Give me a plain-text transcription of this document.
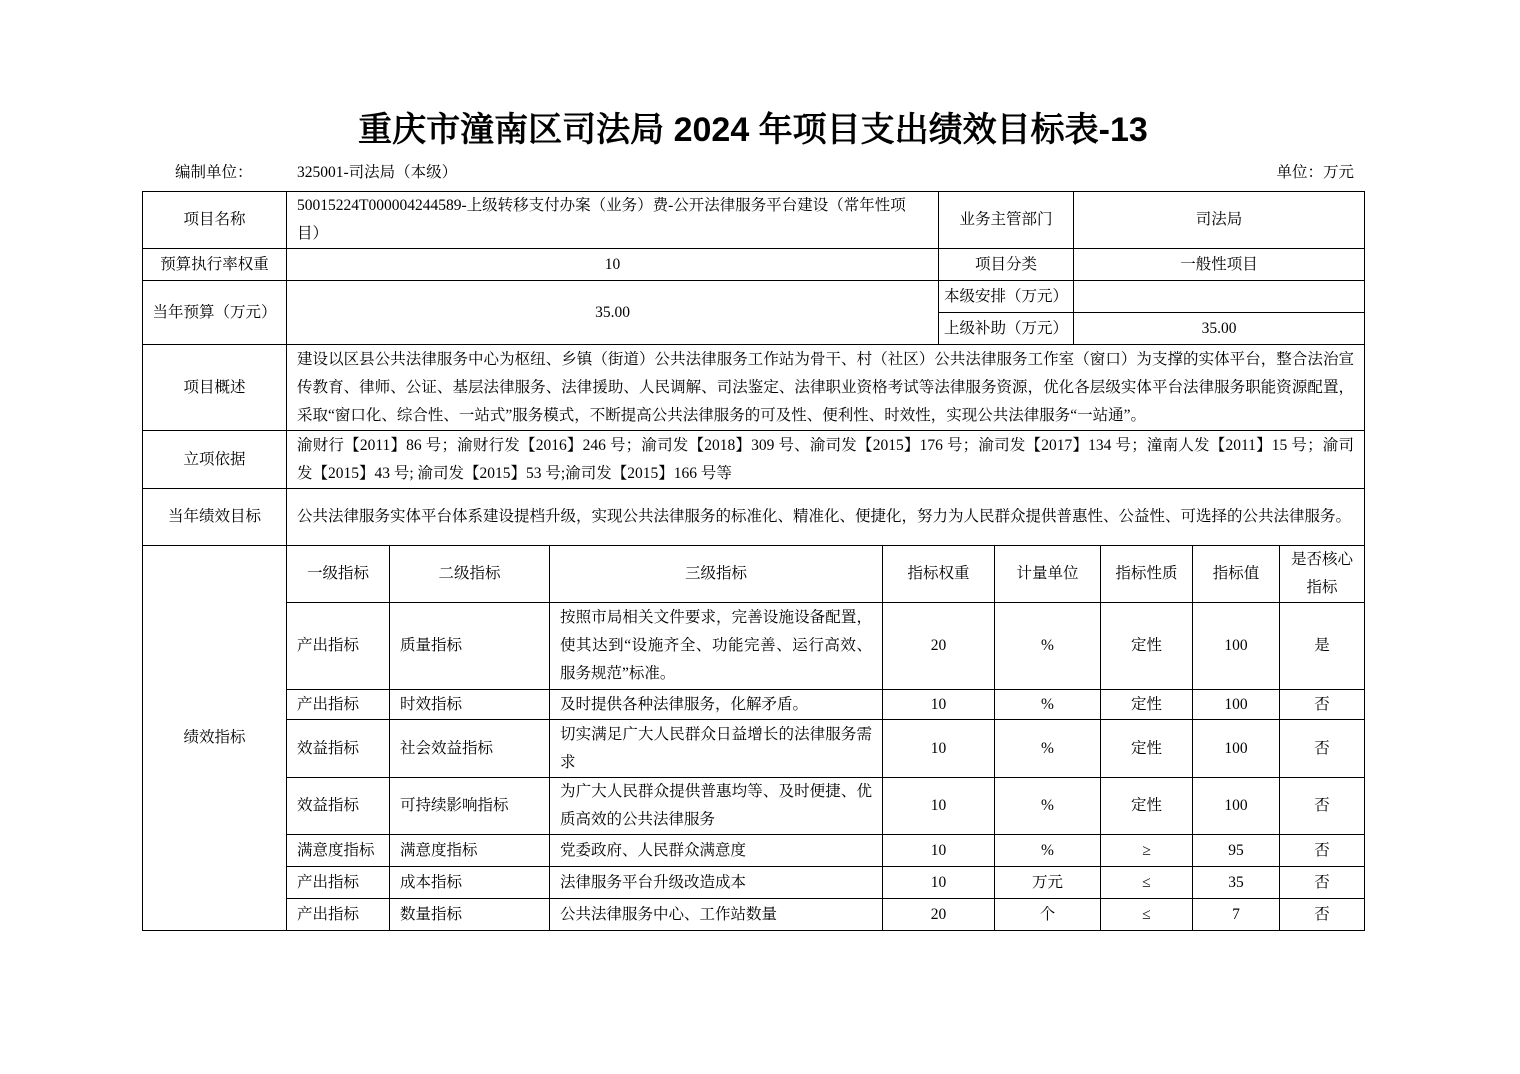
重庆市潼南区司法局 2024 年项目支出绩效目标表-13
编制单位：	325001-司法局（本级）	单位：万元
项目名称	50015224T000004244589-上级转移支付办案（业务）费-公开法律服务平台建设（常年性项目）	业务主管部门	司法局
预算执行率权重	10	项目分类	一般性项目
当年预算（万元）	35.00	本级安排（万元）	
		上级补助（万元）	35.00
项目概述	建设以区县公共法律服务中心为枢纽、乡镇（街道）公共法律服务工作站为骨干、村（社区）公共法律服务工作室（窗口）为支撑的实体平台，整合法治宣传教育、律师、公证、基层法律服务、法律援助、人民调解、司法鉴定、法律职业资格考试等法律服务资源，优化各层级实体平台法律服务职能资源配置，采取“窗口化、综合性、一站式”服务模式，不断提高公共法律服务的可及性、便利性、时效性，实现公共法律服务“一站通”。		
立项依据	渝财行【2011】86 号；渝财行发【2016】246 号；渝司发【2018】309 号、渝司发【2015】176 号；渝司发【2017】134 号；潼南人发【2011】15 号；渝司发【2015】43 号; 渝司发【2015】53 号;渝司发【2015】166 号等		
当年绩效目标	公共法律服务实体平台体系建设提档升级，实现公共法律服务的标准化、精准化、便捷化，努力为人民群众提供普惠性、公益性、可选择的公共法律服务。		
绩效指标	一级指标	二级指标	三级指标	指标权重	计量单位	指标性质	指标值	是否核心指标
	产出指标	质量指标	按照市局相关文件要求，完善设施设备配置，使其达到“设施齐全、功能完善、运行高效、服务规范”标准。	20	%	定性	100	是
	产出指标	时效指标	及时提供各种法律服务，化解矛盾。	10	%	定性	100	否
	效益指标	社会效益指标	切实满足广大人民群众日益增长的法律服务需求	10	%	定性	100	否
	效益指标	可持续影响指标	为广大人民群众提供普惠均等、及时便捷、优质高效的公共法律服务	10	%	定性	100	否
	满意度指标	满意度指标	党委政府、人民群众满意度	10	%	≥	95	否
	产出指标	成本指标	法律服务平台升级改造成本	10	万元	≤	35	否
	产出指标	数量指标	公共法律服务中心、工作站数量	20	个	≤	7	否
